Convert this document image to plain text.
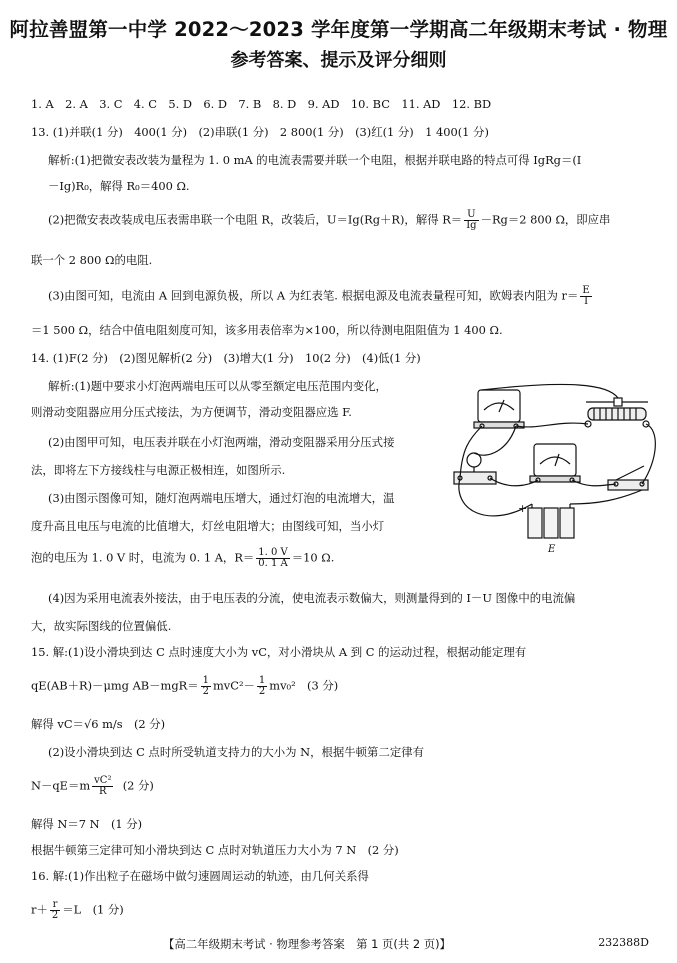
阿拉善盟第一中学 2022～2023 学年度第一学期高二年级期末考试 · 物理
参考答案、提示及评分细则
1. A　2. A　3. C　4. C　5. D　6. D　7. B　8. D　9. AD　10. BC　11. AD　12. BD
13. (1)并联(1 分)　400(1 分)　(2)串联(1 分)　2 800(1 分)　(3)红(1 分)　1 400(1 分)
解析:(1)把微安表改装为量程为 1. 0 mA 的电流表需要并联一个电阻，根据并联电路的特点可得 IgRg＝(I
－Ig)R₀，解得 R₀＝400 Ω.
(2)把微安表改装成电压表需串联一个电阻 R，改装后，U＝Ig(Rg＋R)，解得 $R= \frac{U}{Ig} -Rg=2$ 800 Ω，即应串
联一个 2 800 Ω的电阻.
(3)由图可知，电流由 A 回到电源负极，所以 A 为红表笔. 根据电源及电流表量程可知，欧姆表内阻为 $r= \frac{E}{I}$
＝1 500 Ω，结合中值电阻刻度可知，该多用表倍率为×100，所以待测电阻阻值为 1 400 Ω.
14. (1)F(2 分)　(2)图见解析(2 分)　(3)增大(1 分)　10(2 分)　(4)低(1 分)
解析:(1)题中要求小灯泡两端电压可以从零至额定电压范围内变化，
则滑动变阻器应用分压式接法，为方便调节，滑动变阻器应选 F.
(2)由图甲可知，电压表并联在小灯泡两端，滑动变阻器采用分压式接
法，即将左下方接线柱与电源正极相连，如图所示.
(3)由图示图像可知，随灯泡两端电压增大，通过灯泡的电流增大，温
度升高且电压与电流的比值增大，灯丝电阻增大；由图线可知，当小灯
泡的电压为 1. 0 V 时，电流为 0. 1 A，$R= \frac{1. 0 V}{0. 1 A} =10$ Ω.
(4)因为采用电流表外接法，由于电压表的分流，使电流表示数偏大，则测量得到的 I－U 图像中的电流偏
大，故实际图线的位置偏低.
15. 解:(1)设小滑块到达 C 点时速度大小为 vC，对小滑块从 A 到 C 的运动过程，根据动能定理有
qE(AB＋R)－μmg $AB-mgR= \frac{1}{2} mvC^2- \frac{1}{2} mv_0^2$　(3 分)
解得 vC＝√6 m/s　(2 分)
(2)设小滑块到达 C 点时所受轨道支持力的大小为 N，根据牛顿第二定律有
$N-qE=m \frac{\text{vC²}}{R} (2$ 分)
解得 N＝7 N　(1 分)
根据牛顿第三定律可知小滑块到达 C 点时对轨道压力大小为 7 N　(2 分)
16. 解:(1)作出粒子在磁场中做匀速圆周运动的轨迹，由几何关系得
$r+ \frac{r}{2} =L$　(1 分)
+
E
【高二年级期末考试 · 物理参考答案　第 1 页(共 2 页)】	232388D
